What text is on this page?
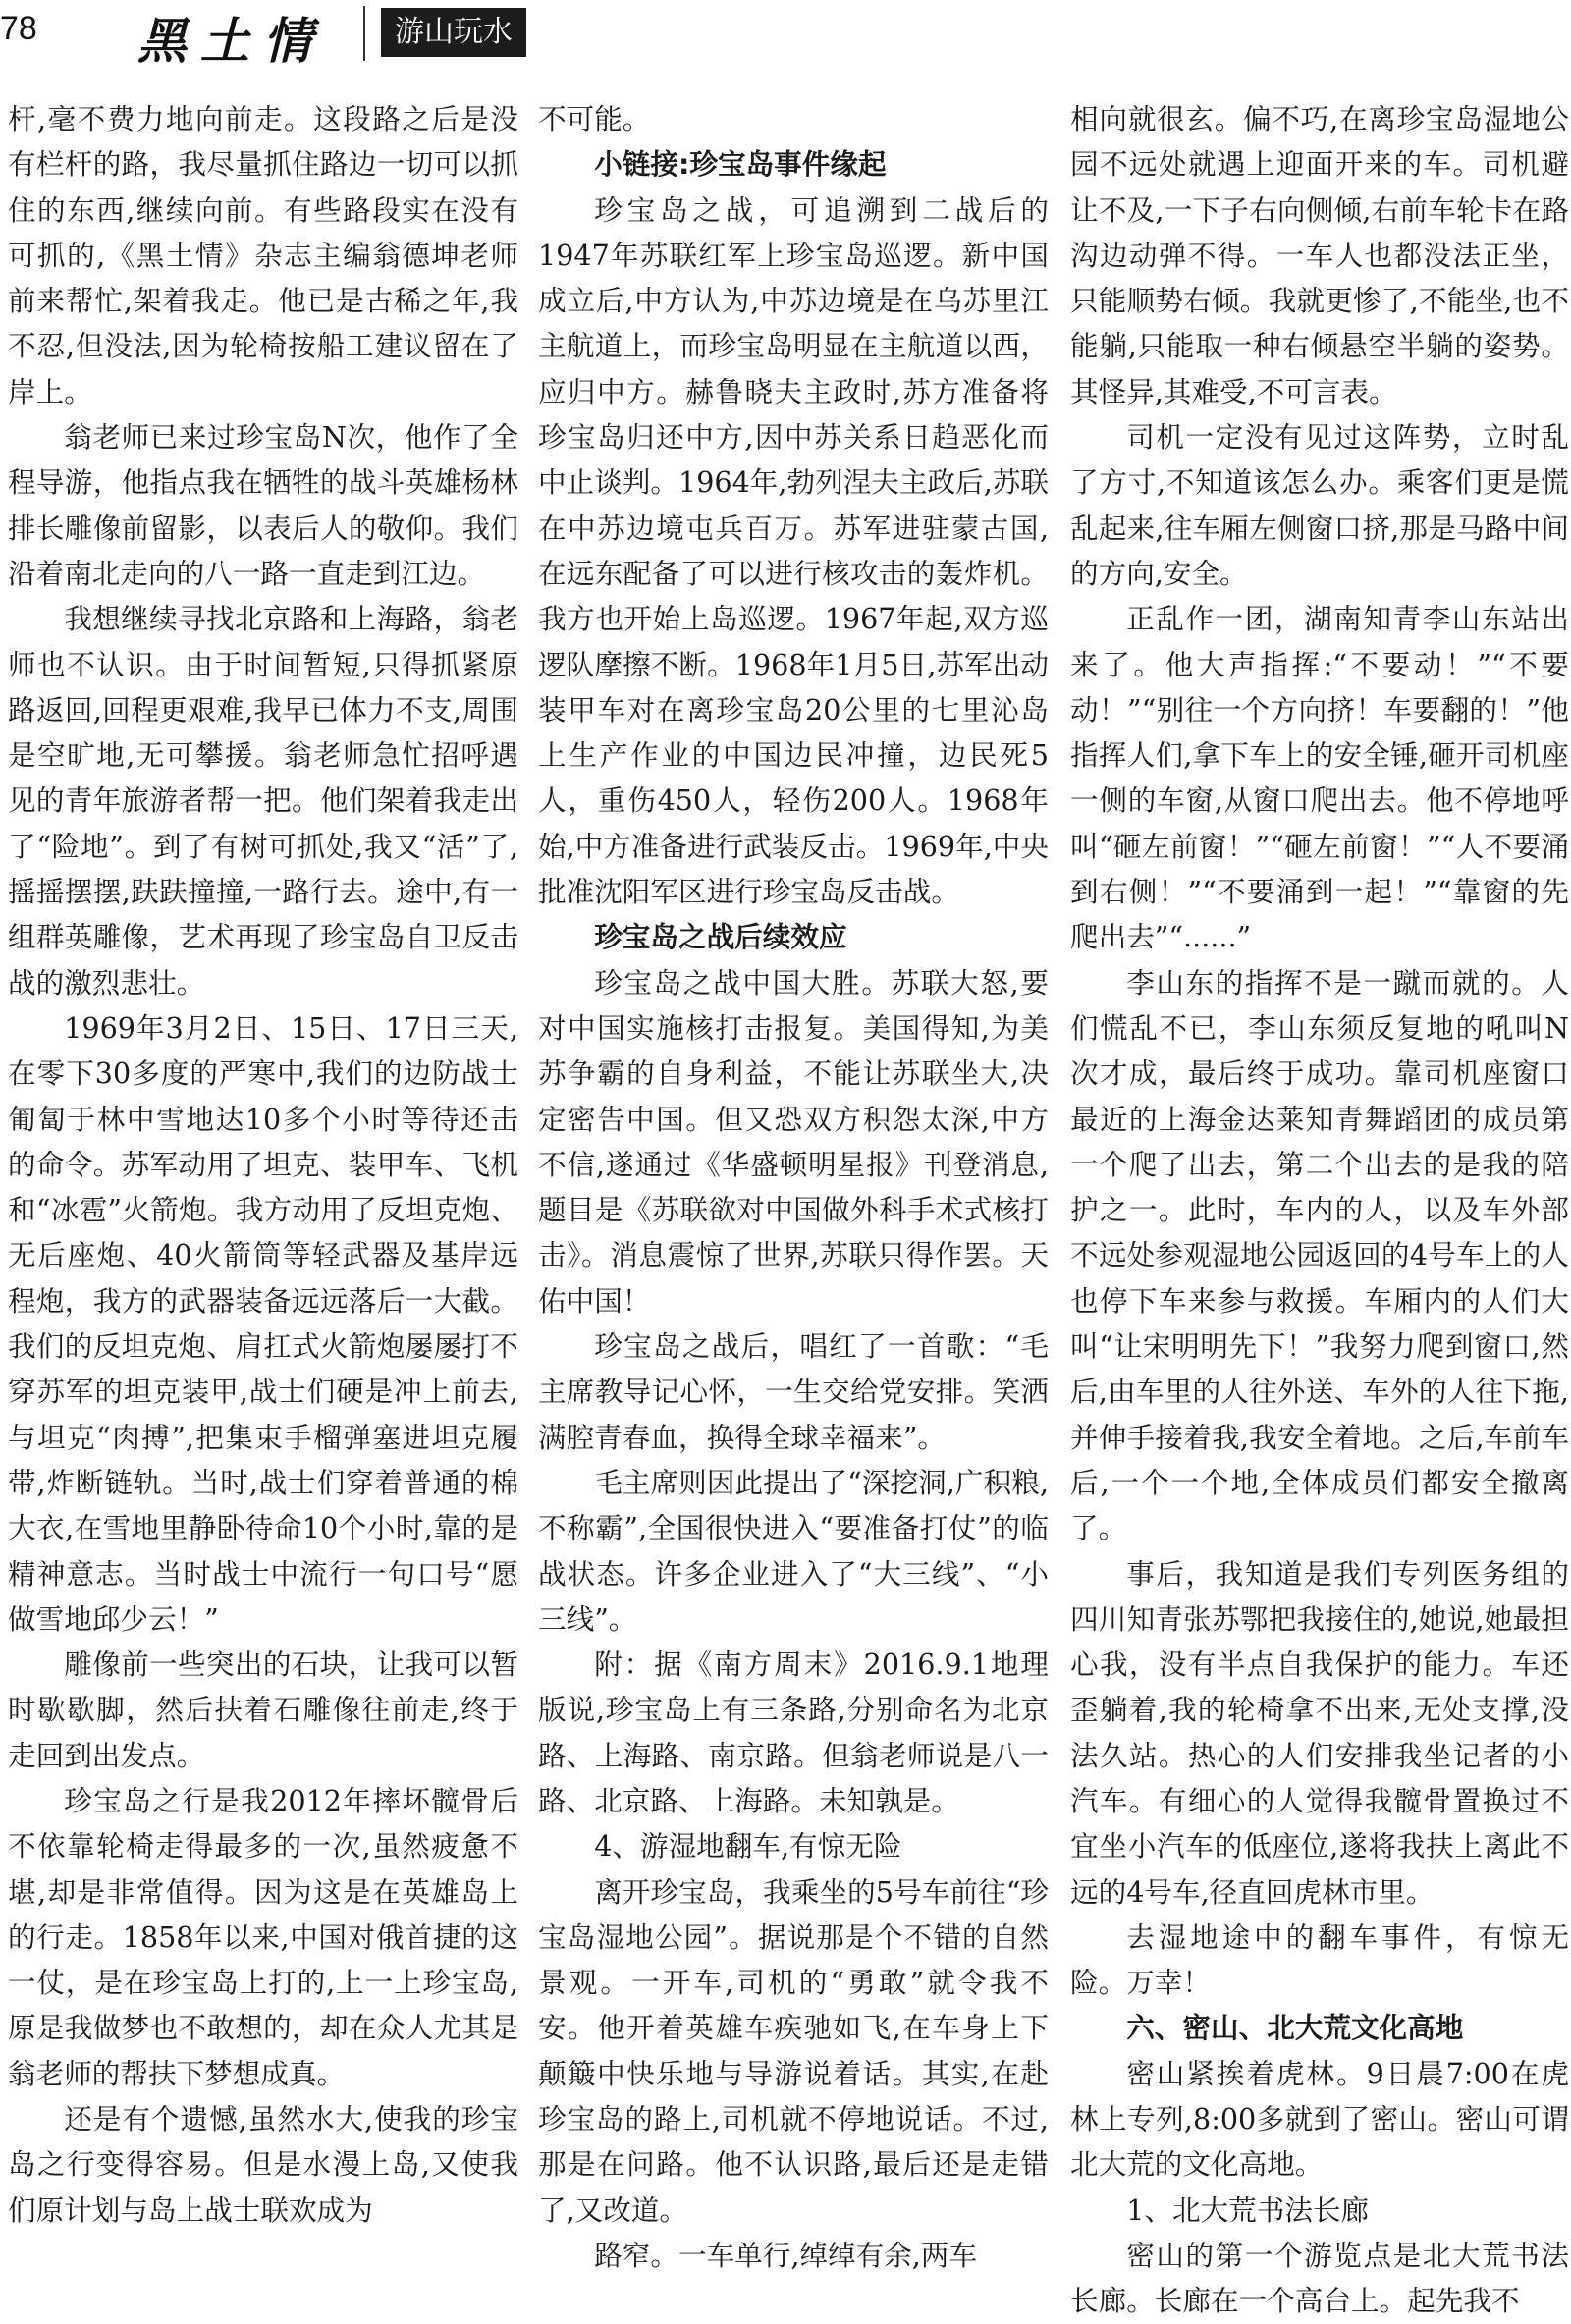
78 黑土情	游山玩水

杆,毫不费力地向前走。这段路之后是没有栏杆的路，我尽量抓住路边一切可以抓住的东西,继续向前。有些路段实在没有可抓的,《黑土情》杂志主编翁德坤老师前来帮忙,架着我走。他已是古稀之年,我不忍,但没法,因为轮椅按船工建议留在了岸上。

翁老师已来过珍宝岛N次，他作了全程导游，他指点我在牺牲的战斗英雄杨林排长雕像前留影，以表后人的敬仰。我们沿着南北走向的八一路一直走到江边。

我想继续寻找北京路和上海路，翁老师也不认识。由于时间暂短,只得抓紧原路返回,回程更艰难,我早已体力不支,周围是空旷地,无可攀援。翁老师急忙招呼遇见的青年旅游者帮一把。他们架着我走出了“险地”。到了有树可抓处,我又“活”了,摇摇摆摆,趺趺撞撞,一路行去。途中,有一组群英雕像，艺术再现了珍宝岛自卫反击战的激烈悲壮。

1969年3月2日、15日、17日三天,在零下30多度的严寒中,我们的边防战士匍匐于林中雪地达10多个小时等待还击的命令。苏军动用了坦克、装甲车、飞机和“冰雹”火箭炮。我方动用了反坦克炮、无后座炮、40火箭筒等轻武器及基岸远程炮，我方的武器装备远远落后一大截。我们的反坦克炮、肩扛式火箭炮屡屡打不穿苏军的坦克装甲,战士们硬是冲上前去,与坦克“肉搏”,把集束手榴弹塞进坦克履带,炸断链轨。当时,战士们穿着普通的棉大衣,在雪地里静卧待命10个小时,靠的是精神意志。当时战士中流行一句口号“愿做雪地邱少云！”

雕像前一些突出的石块，让我可以暂时歇歇脚，然后扶着石雕像往前走,终于走回到出发点。

珍宝岛之行是我2012年摔坏髋骨后不依靠轮椅走得最多的一次,虽然疲惫不堪,却是非常值得。因为这是在英雄岛上的行走。1858年以来,中国对俄首捷的这一仗，是在珍宝岛上打的,上一上珍宝岛,原是我做梦也不敢想的，却在众人尤其是翁老师的帮扶下梦想成真。

还是有个遗憾,虽然水大,使我的珍宝岛之行变得容易。但是水漫上岛,又使我们原计划与岛上战士联欢成为

不可能。

小链接:珍宝岛事件缘起

珍宝岛之战，可追溯到二战后的1947年苏联红军上珍宝岛巡逻。新中国成立后,中方认为,中苏边境是在乌苏里江主航道上，而珍宝岛明显在主航道以西，应归中方。赫鲁晓夫主政时,苏方准备将珍宝岛归还中方,因中苏关系日趋恶化而中止谈判。1964年,勃列涅夫主政后,苏联在中苏边境屯兵百万。苏军进驻蒙古国,在远东配备了可以进行核攻击的轰炸机。我方也开始上岛巡逻。1967年起,双方巡逻队摩擦不断。1968年1月5日,苏军出动装甲车对在离珍宝岛20公里的七里沁岛上生产作业的中国边民冲撞，边民死5人，重伤450人，轻伤200人。1968年始,中方准备进行武装反击。1969年,中央批准沈阳军区进行珍宝岛反击战。

珍宝岛之战后续效应

珍宝岛之战中国大胜。苏联大怒,要对中国实施核打击报复。美国得知,为美苏争霸的自身利益，不能让苏联坐大,决定密告中国。但又恐双方积怨太深,中方不信,遂通过《华盛顿明星报》刊登消息,题目是《苏联欲对中国做外科手术式核打击》。消息震惊了世界,苏联只得作罢。天佑中国！

珍宝岛之战后，唱红了一首歌：“毛主席教导记心怀，一生交给党安排。笑洒满腔青春血，换得全球幸福来”。

毛主席则因此提出了“深挖洞,广积粮,不称霸”,全国很快进入“要准备打仗”的临战状态。许多企业进入了“大三线”、“小三线”。

附：据《南方周末》2016.9.1地理版说,珍宝岛上有三条路,分别命名为北京路、上海路、南京路。但翁老师说是八一路、北京路、上海路。未知孰是。

4、游湿地翻车,有惊无险

离开珍宝岛，我乘坐的5号车前往“珍宝岛湿地公园”。据说那是个不错的自然景观。一开车,司机的“勇敢”就令我不安。他开着英雄车疾驰如飞,在车身上下颠簸中快乐地与导游说着话。其实,在赴珍宝岛的路上,司机就不停地说话。不过,那是在问路。他不认识路,最后还是走错了,又改道。

路窄。一车单行,绰绰有余,两车

相向就很玄。偏不巧,在离珍宝岛湿地公园不远处就遇上迎面开来的车。司机避让不及,一下子右向侧倾,右前车轮卡在路沟边动弹不得。一车人也都没法正坐，只能顺势右倾。我就更惨了,不能坐,也不能躺,只能取一种右倾悬空半躺的姿势。其怪异,其难受,不可言表。

司机一定没有见过这阵势，立时乱了方寸,不知道该怎么办。乘客们更是慌乱起来,往车厢左侧窗口挤,那是马路中间的方向,安全。

正乱作一团，湖南知青李山东站出来了。他大声指挥:“不要动！”“不要动！”“别往一个方向挤！车要翻的！”他指挥人们,拿下车上的安全锤,砸开司机座一侧的车窗,从窗口爬出去。他不停地呼叫“砸左前窗！”“砸左前窗！”“人不要涌到右侧！”“不要涌到一起！”“靠窗的先爬出去”“......”

李山东的指挥不是一蹴而就的。人们慌乱不已，李山东须反复地的吼叫N次才成，最后终于成功。靠司机座窗口最近的上海金达莱知青舞蹈团的成员第一个爬了出去，第二个出去的是我的陪护之一。此时，车内的人，以及车外部不远处参观湿地公园返回的4号车上的人也停下车来参与救援。车厢内的人们大叫“让宋明明先下！”我努力爬到窗口,然后,由车里的人往外送、车外的人往下拖,并伸手接着我,我安全着地。之后,车前车后,一个一个地,全体成员们都安全撤离了。

事后，我知道是我们专列医务组的四川知青张苏鄂把我接住的,她说,她最担心我，没有半点自我保护的能力。车还歪躺着,我的轮椅拿不出来,无处支撑,没法久站。热心的人们安排我坐记者的小汽车。有细心的人觉得我髋骨置换过不宜坐小汽车的低座位,遂将我扶上离此不远的4号车,径直回虎林市里。

去湿地途中的翻车事件，有惊无险。万幸！

六、密山、北大荒文化高地

密山紧挨着虎林。9日晨7:00在虎林上专列,8:00多就到了密山。密山可谓北大荒的文化高地。

1、北大荒书法长廊

密山的第一个游览点是北大荒书法长廊。长廊在一个高台上。起先我不
